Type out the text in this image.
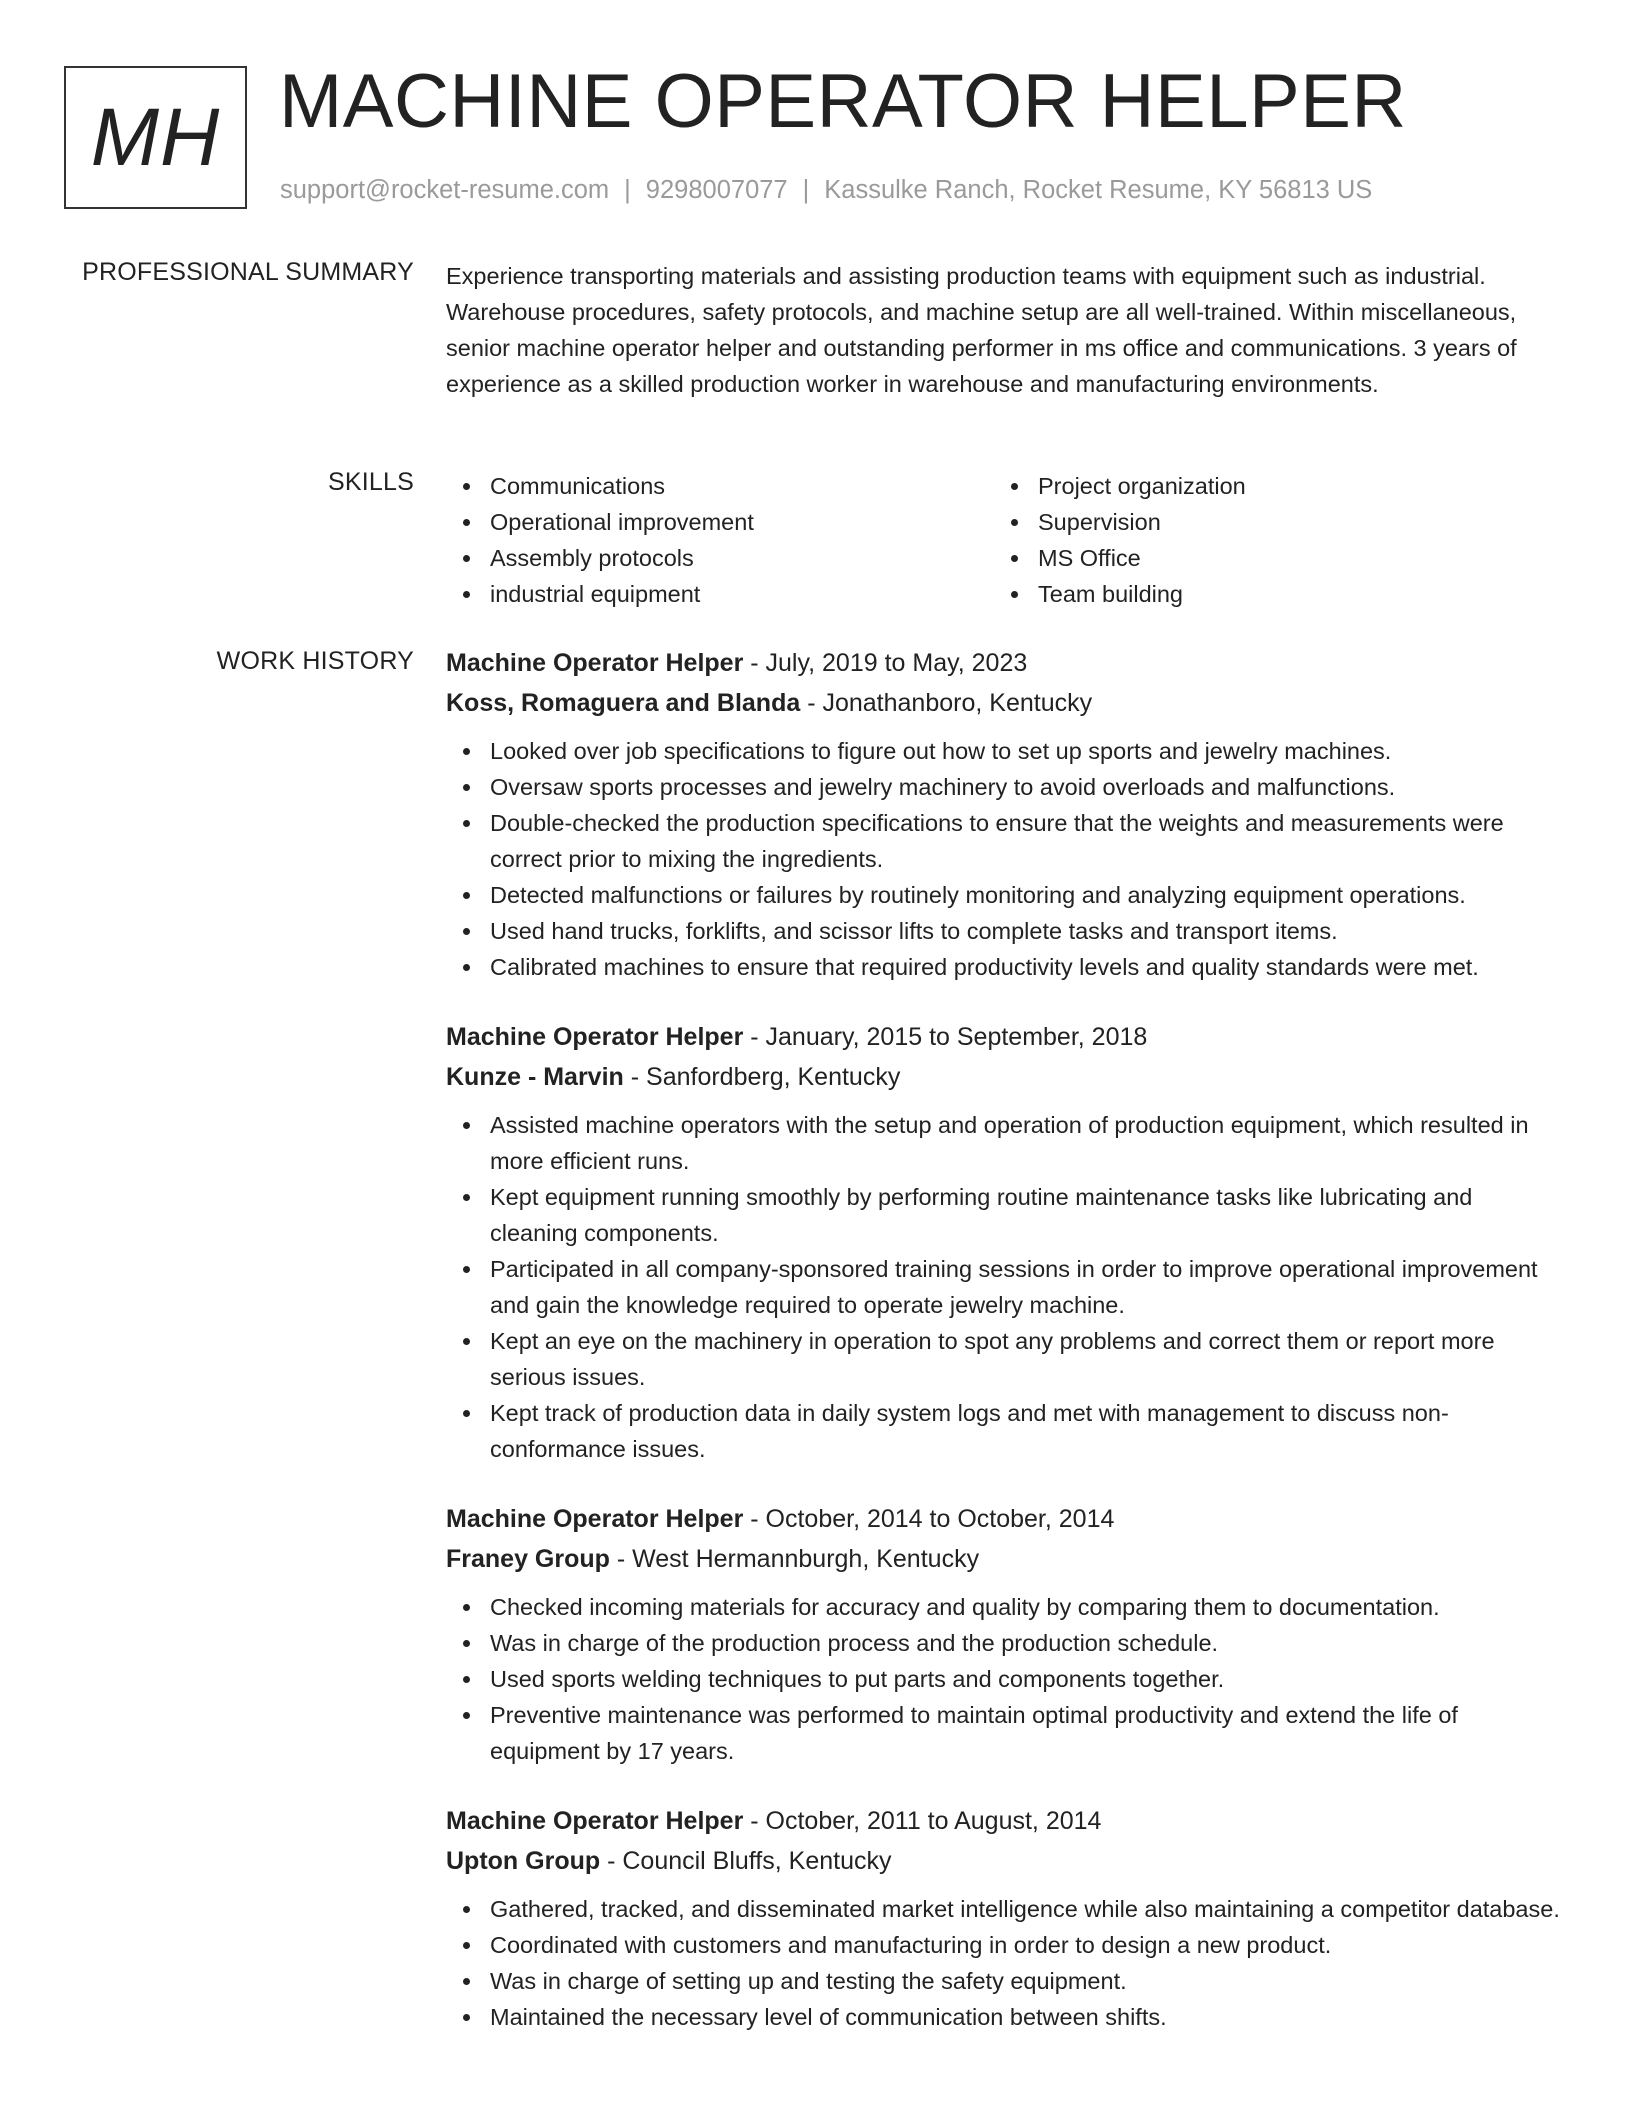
MH MACHINE OPERATOR HELPER
support@rocket-resume.com | 9298007077 | Kassulke Ranch, Rocket Resume, KY 56813 US
PROFESSIONAL SUMMARY Experience transporting materials and assisting production teams with equipment such as industrial. Warehouse procedures, safety protocols, and machine setup are all well-trained. Within miscellaneous, senior machine operator helper and outstanding performer in ms office and communications. 3 years of experience as a skilled production worker in warehouse and manufacturing environments.
SKILLS	Communications
Operational improvement
Assembly protocols
industrial equipment
Project organization
Supervision
MS Office
Team building
WORK HISTORY Machine Operator Helper - July, 2019 to May, 2023
Koss, Romaguera and Blanda - Jonathanboro, Kentucky
Looked over job specifications to figure out how to set up sports and jewelry machines.
Oversaw sports processes and jewelry machinery to avoid overloads and malfunctions.
Double-checked the production specifications to ensure that the weights and measurements were correct prior to mixing the ingredients.
Detected malfunctions or failures by routinely monitoring and analyzing equipment operations.
Used hand trucks, forklifts, and scissor lifts to complete tasks and transport items.
Calibrated machines to ensure that required productivity levels and quality standards were met.
Machine Operator Helper - January, 2015 to September, 2018
Kunze - Marvin - Sanfordberg, Kentucky
Assisted machine operators with the setup and operation of production equipment, which resulted in more efficient runs.
Kept equipment running smoothly by performing routine maintenance tasks like lubricating and cleaning components.
Participated in all company-sponsored training sessions in order to improve operational improvement and gain the knowledge required to operate jewelry machine.
Kept an eye on the machinery in operation to spot any problems and correct them or report more serious issues.
Kept track of production data in daily system logs and met with management to discuss non-conformance issues.
Machine Operator Helper - October, 2014 to October, 2014
Franey Group - West Hermannburgh, Kentucky
Checked incoming materials for accuracy and quality by comparing them to documentation.
Was in charge of the production process and the production schedule.
Used sports welding techniques to put parts and components together.
Preventive maintenance was performed to maintain optimal productivity and extend the life of equipment by 17 years.
Machine Operator Helper - October, 2011 to August, 2014
Upton Group - Council Bluffs, Kentucky
Gathered, tracked, and disseminated market intelligence while also maintaining a competitor database.
Coordinated with customers and manufacturing in order to design a new product.
Was in charge of setting up and testing the safety equipment.
Maintained the necessary level of communication between shifts.
